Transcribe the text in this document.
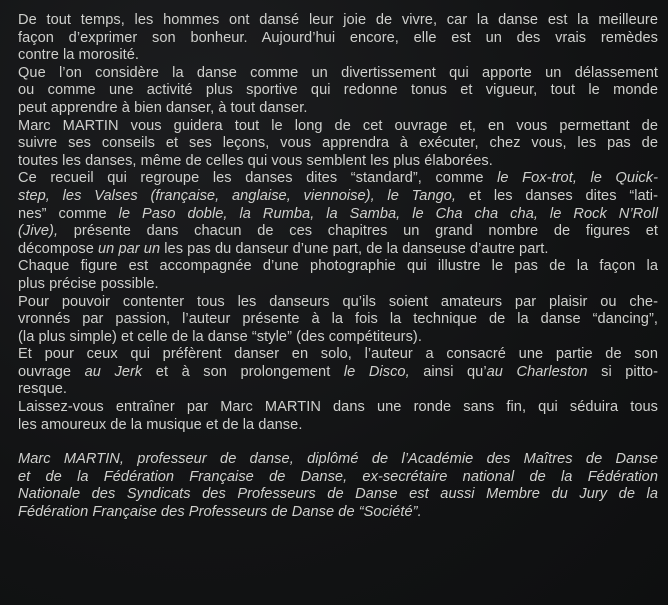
De tout temps, les hommes ont dansé leur joie de vivre, car la danse est la meilleure
façon d’exprimer son bonheur. Aujourd’hui encore, elle est un des vrais remèdes
contre la morosité.
Que l’on considère la danse comme un divertissement qui apporte un délassement
ou comme une activité plus sportive qui redonne tonus et vigueur, tout le monde
peut apprendre à bien danser, à tout danser.
Marc MARTIN vous guidera tout le long de cet ouvrage et, en vous permettant de
suivre ses conseils et ses leçons, vous apprendra à exécuter, chez vous, les pas de
toutes les danses, même de celles qui vous semblent les plus élaborées.
Ce recueil qui regroupe les danses dites “standard”, comme le Fox-trot, le Quick-
step, les Valses (française, anglaise, viennoise), le Tango, et les danses dites “lati-
nes” comme le Paso doble, la Rumba, la Samba, le Cha cha cha, le Rock N’Roll
(Jive), présente dans chacun de ces chapitres un grand nombre de figures et
décompose un par un les pas du danseur d’une part, de la danseuse d’autre part.
Chaque figure est accompagnée d’une photographie qui illustre le pas de la façon la
plus précise possible.
Pour pouvoir contenter tous les danseurs qu’ils soient amateurs par plaisir ou che-
vronnés par passion, l’auteur présente à la fois la technique de la danse “dancing”,
(la plus simple) et celle de la danse “style” (des compétiteurs).
Et pour ceux qui préfèrent danser en solo, l’auteur a consacré une partie de son
ouvrage au Jerk et à son prolongement le Disco, ainsi qu’au Charleston si pitto-
resque.
Laissez-vous entraîner par Marc MARTIN dans une ronde sans fin, qui séduira tous
les amoureux de la musique et de la danse.
Marc MARTIN, professeur de danse, diplômé de l’Académie des Maîtres de Danse
et de la Fédération Française de Danse, ex-secrétaire national de la Fédération
Nationale des Syndicats des Professeurs de Danse est aussi Membre du Jury de la
Fédération Française des Professeurs de Danse de “Société”.
